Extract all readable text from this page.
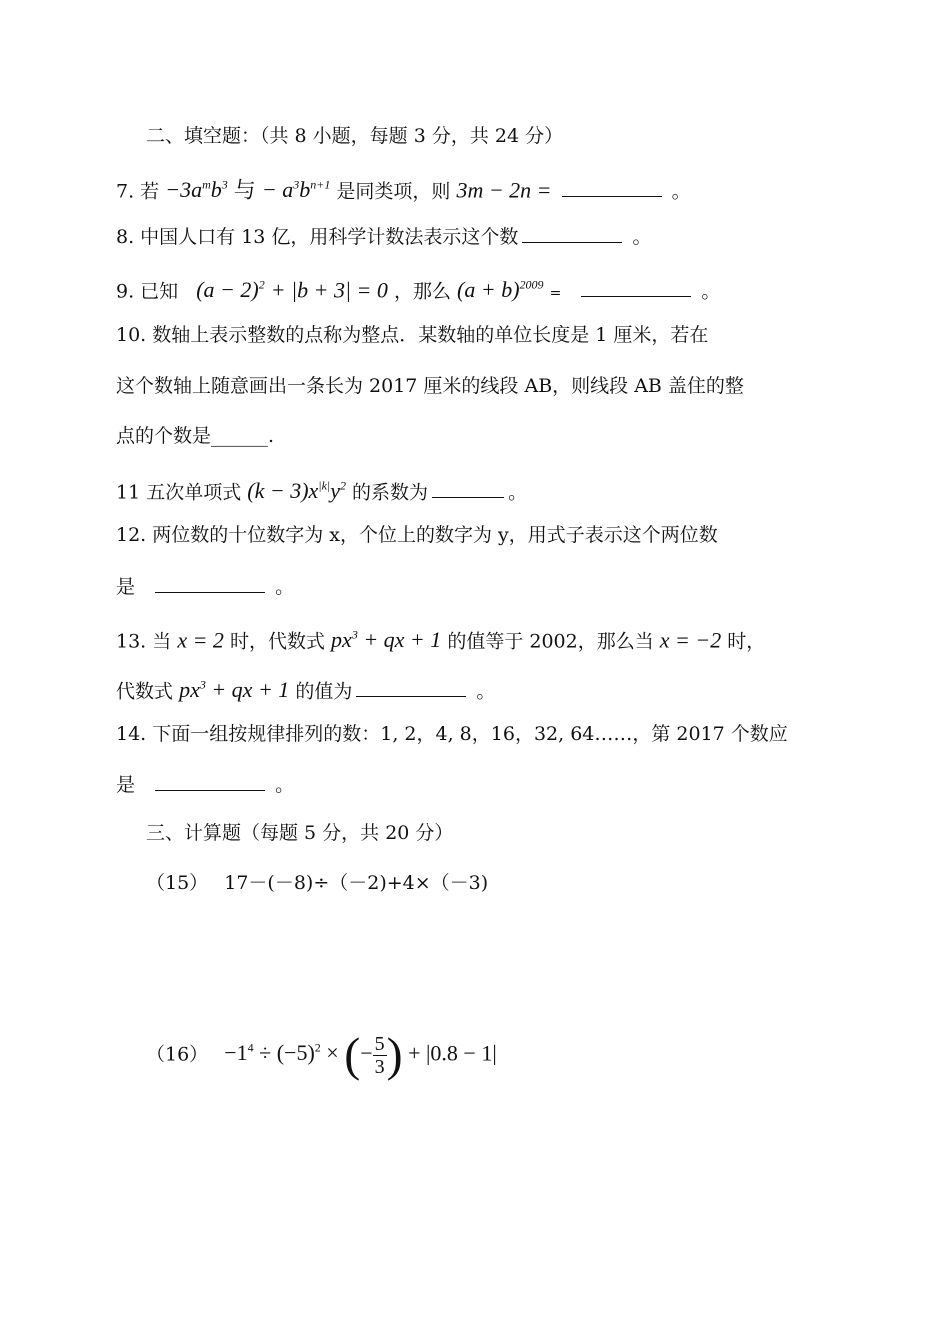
二、填空题：（共 8 小题，每题 3 分，共 24 分）
7. 若 $-3a^mb^3$ 与 − $a^3b^{n+1}$ 是同类项，则 3m − 2n =	。
8. 中国人口有 13 亿，用科学计数法表示这个数	。
9. 已知 $(a - 2)^2 + |b + 3| = 0$ ，那么 $(a + b)^{2009}$ =	。
10. 数轴上表示整数的点称为整点．某数轴的单位长度是 1 厘米，若在
这个数轴上随意画出一条长为 2017 厘米的线段 AB，则线段 AB 盖住的整
点的个数是______.
11 五次单项式 $(k - 3)x^{|k|}y^2$ 的系数为	。
12. 两位数的十位数字为 x，个位上的数字为 y，用式子表示这个两位数
是	。
13. 当 x = 2 时，代数式 $px^3$ + qx + 1 的值等于 2002，那么当 x = −2 时，
代数式 $px^3$ + qx + 1 的值为	。
14. 下面一组按规律排列的数：1, 2，4, 8，16，32, 64……，第 2017 个数应
是	。
三、计算题（每题 5 分，共 20 分）
（15） 17－(－8)÷（－2)+4×（－3)
$(16) -1^4 \div (-5)^2$ × (− $\frac{5}{3}$ ) + |0.8 − 1|
